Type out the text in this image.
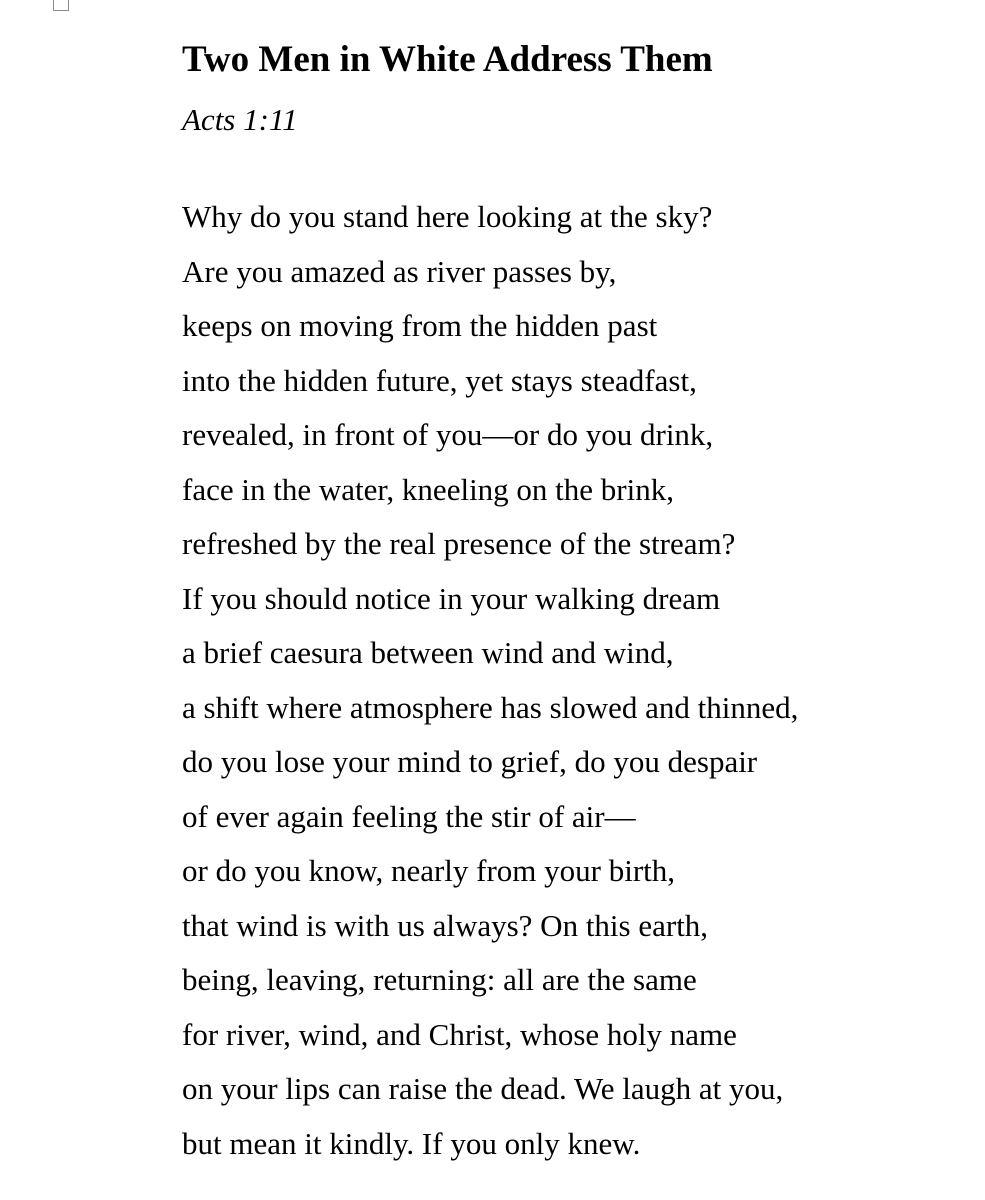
Two Men in White Address Them

Acts 1:11

Why do you stand here looking at the sky?
Are you amazed as river passes by,
keeps on moving from the hidden past
into the hidden future, yet stays steadfast,
revealed, in front of you—or do you drink,
face in the water, kneeling on the brink,
refreshed by the real presence of the stream?
If you should notice in your walking dream
a brief caesura between wind and wind,
a shift where atmosphere has slowed and thinned,
do you lose your mind to grief, do you despair
of ever again feeling the stir of air—
or do you know, nearly from your birth,
that wind is with us always? On this earth,
being, leaving, returning: all are the same
for river, wind, and Christ, whose holy name
on your lips can raise the dead. We laugh at you,
but mean it kindly. If you only knew.
